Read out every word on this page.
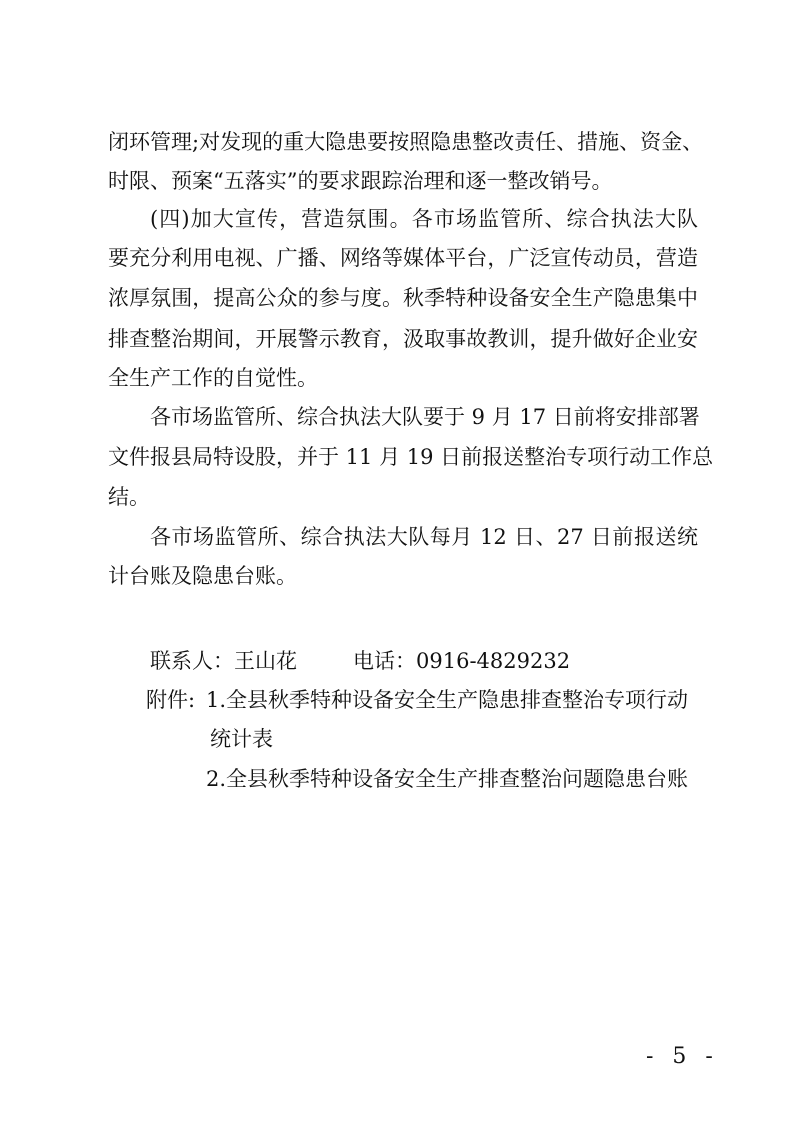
闭环管理;对发现的重大隐患要按照隐患整改责任、措施、资金、
时限、预案“五落实”的要求跟踪治理和逐一整改销号。
(四)加大宣传，营造氛围。各市场监管所、综合执法大队
要充分利用电视、广播、网络等媒体平台，广泛宣传动员，营造
浓厚氛围，提高公众的参与度。秋季特种设备安全生产隐患集中
排查整治期间，开展警示教育，汲取事故教训，提升做好企业安
全生产工作的自觉性。
各市场监管所、综合执法大队要于 9 月 17 日前将安排部署
文件报县局特设股，并于 11 月 19 日前报送整治专项行动工作总
结。
各市场监管所、综合执法大队每月 12 日、27 日前报送统
计台账及隐患台账。
联系人：王山花	电话：0916-4829232
附件: 1.全县秋季特种设备安全生产隐患排查整治专项行动
统计表
2.全县秋季特种设备安全生产排查整治问题隐患台账
- 5 -
